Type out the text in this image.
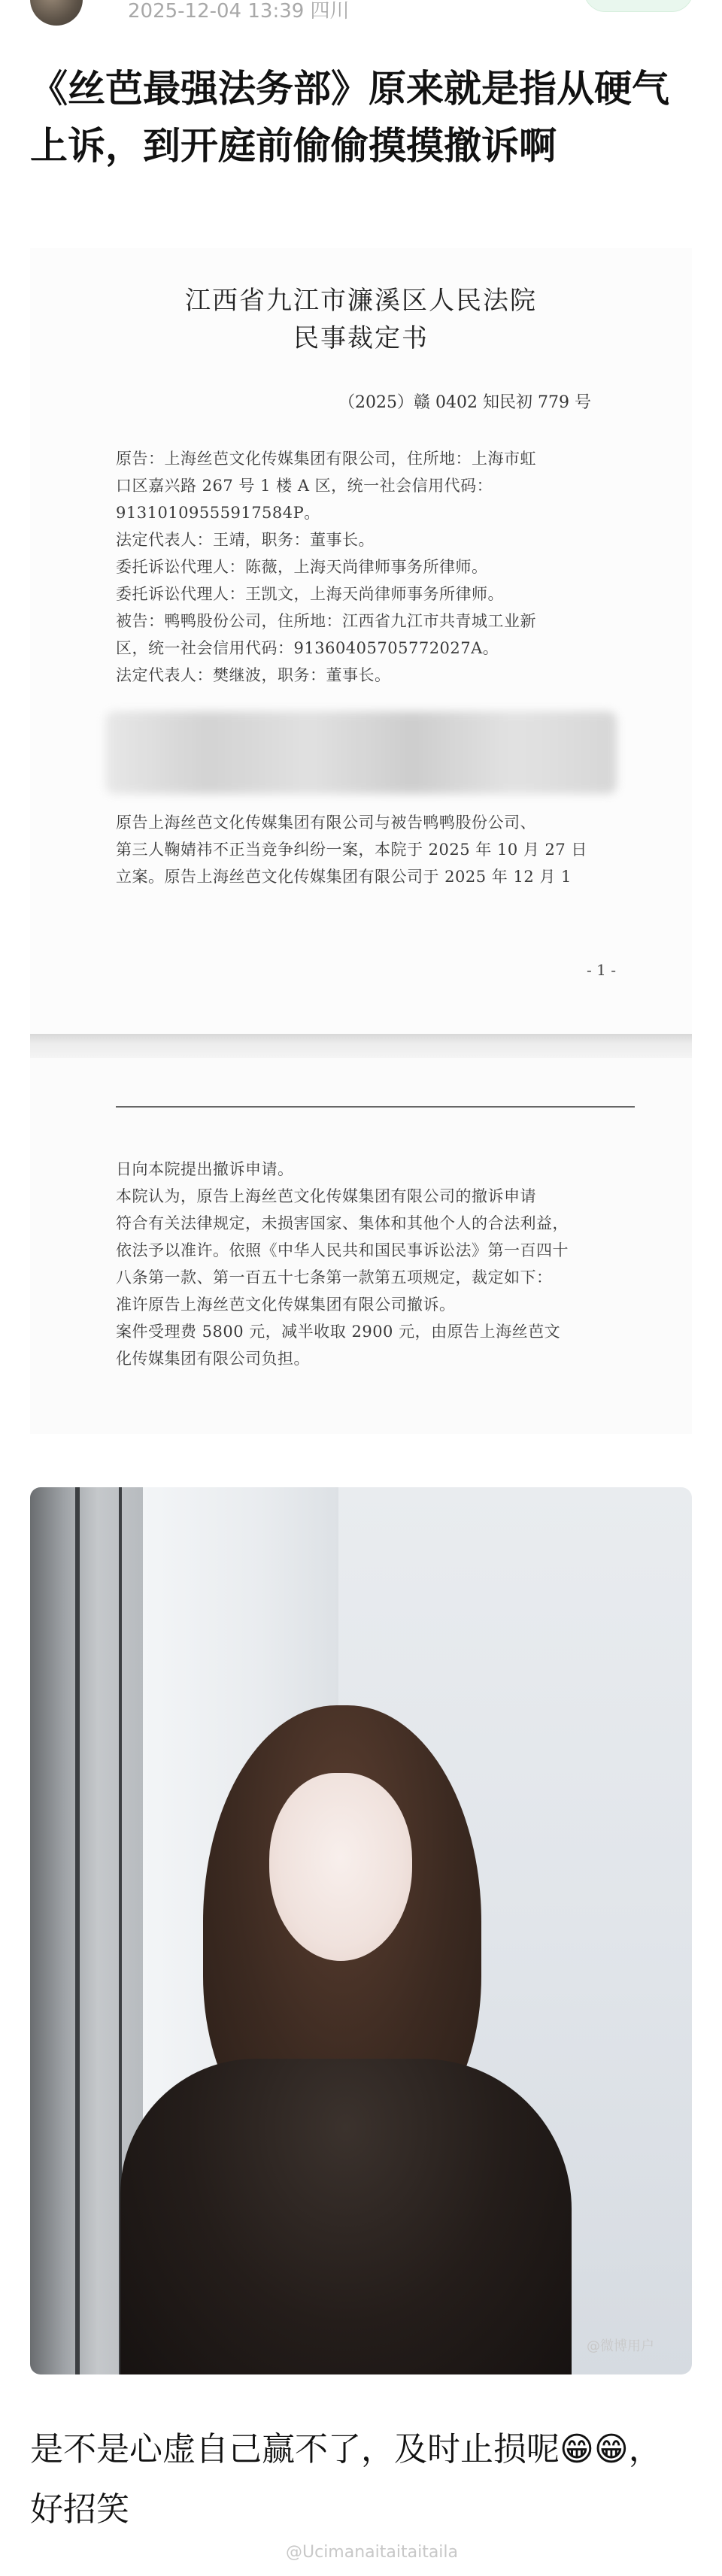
2025-12-04 13:39 四川
《丝芭最强法务部》原来就是指从硬气上诉，到开庭前偷偷摸摸撤诉啊
江西省九江市濂溪区人民法院
民事裁定书
（2025）赣 0402 知民初 779 号
原告：上海丝芭文化传媒集团有限公司，住所地：上海市虹
口区嘉兴路 267 号 1 楼 A 区，统一社会信用代码：
91310109555917584P。
法定代表人：王靖，职务：董事长。
委托诉讼代理人：陈薇，上海天尚律师事务所律师。
委托诉讼代理人：王凯文，上海天尚律师事务所律师。
被告：鸭鸭股份公司，住所地：江西省九江市共青城工业新
区，统一社会信用代码：91360405705772027A。
法定代表人：樊继波，职务：董事长。
原告上海丝芭文化传媒集团有限公司与被告鸭鸭股份公司、
第三人鞠婧祎不正当竞争纠纷一案，本院于 2025 年 10 月 27 日
立案。原告上海丝芭文化传媒集团有限公司于 2025 年 12 月 1
- 1 -
日向本院提出撤诉申请。
本院认为，原告上海丝芭文化传媒集团有限公司的撤诉申请
符合有关法律规定，未损害国家、集体和其他个人的合法利益，
依法予以准许。依照《中华人民共和国民事诉讼法》第一百四十
八条第一款、第一百五十七条第一款第五项规定，裁定如下：
准许原告上海丝芭文化传媒集团有限公司撤诉。
案件受理费 5800 元，减半收取 2900 元，由原告上海丝芭文
化传媒集团有限公司负担。
@微博用户
是不是心虚自己赢不了，及时止损呢😁😁，好招笑
@Ucimanaitaitaitaila
